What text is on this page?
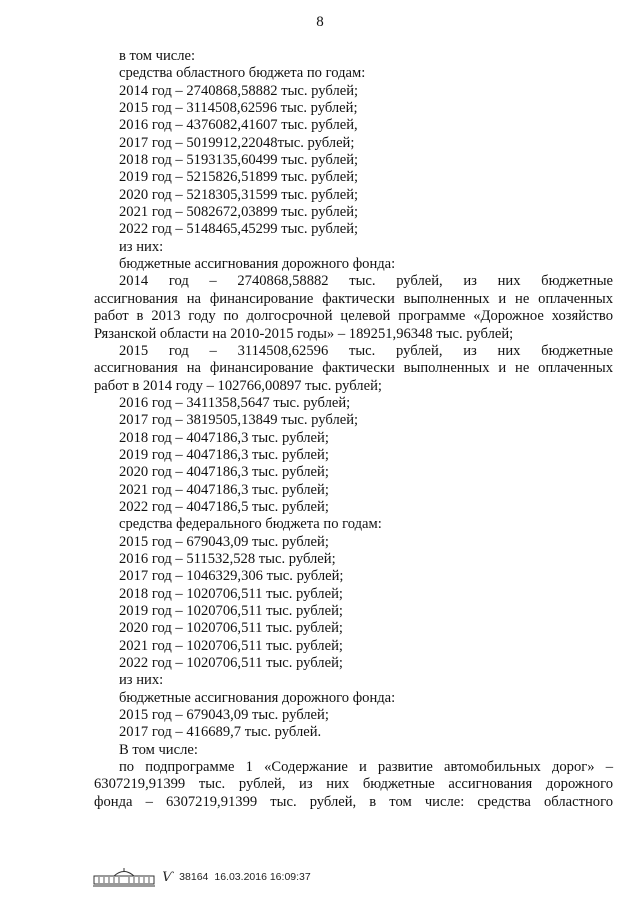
8
в том числе:
средства областного бюджета по годам:
2014 год – 2740868,58882 тыс. рублей;
2015 год – 3114508,62596 тыс. рублей;
2016 год – 4376082,41607 тыс. рублей,
2017 год – 5019912,22048тыс. рублей;
2018 год – 5193135,60499 тыс. рублей;
2019 год – 5215826,51899 тыс. рублей;
2020 год – 5218305,31599 тыс. рублей;
2021 год – 5082672,03899 тыс. рублей;
2022 год – 5148465,45299 тыс. рублей;
из них:
бюджетные ассигнования дорожного фонда:
2014 год – 2740868,58882 тыс. рублей, из них бюджетные
ассигнования на финансирование фактически выполненных и не оплаченных
работ в 2013 году по долгосрочной целевой программе «Дорожное хозяйство
Рязанской области на 2010-2015 годы» – 189251,96348 тыс. рублей;
2015 год – 3114508,62596 тыс. рублей, из них бюджетные
ассигнования на финансирование фактически выполненных и не оплаченных
работ в 2014 году – 102766,00897 тыс. рублей;
2016 год – 3411358,5647 тыс. рублей;
2017 год – 3819505,13849 тыс. рублей;
2018 год – 4047186,3 тыс. рублей;
2019 год – 4047186,3 тыс. рублей;
2020 год – 4047186,3 тыс. рублей;
2021 год – 4047186,3 тыс. рублей;
2022 год – 4047186,5 тыс. рублей;
средства федерального бюджета по годам:
2015 год – 679043,09 тыс. рублей;
2016 год – 511532,528 тыс. рублей;
2017 год – 1046329,306 тыс. рублей;
2018 год – 1020706,511 тыс. рублей;
2019 год – 1020706,511 тыс. рублей;
2020 год – 1020706,511 тыс. рублей;
2021 год – 1020706,511 тыс. рублей;
2022 год – 1020706,511 тыс. рублей;
из них:
бюджетные ассигнования дорожного фонда:
2015 год – 679043,09 тыс. рублей;
2017 год – 416689,7 тыс. рублей.
В том числе:
по подпрограмме 1 «Содержание и развитие автомобильных дорог» –
6307219,91399 тыс. рублей, из них бюджетные ассигнования дорожного
фонда – 6307219,91399 тыс. рублей, в том числе: средства областного
Ѵ 38164 16.03.2016 16:09:37
